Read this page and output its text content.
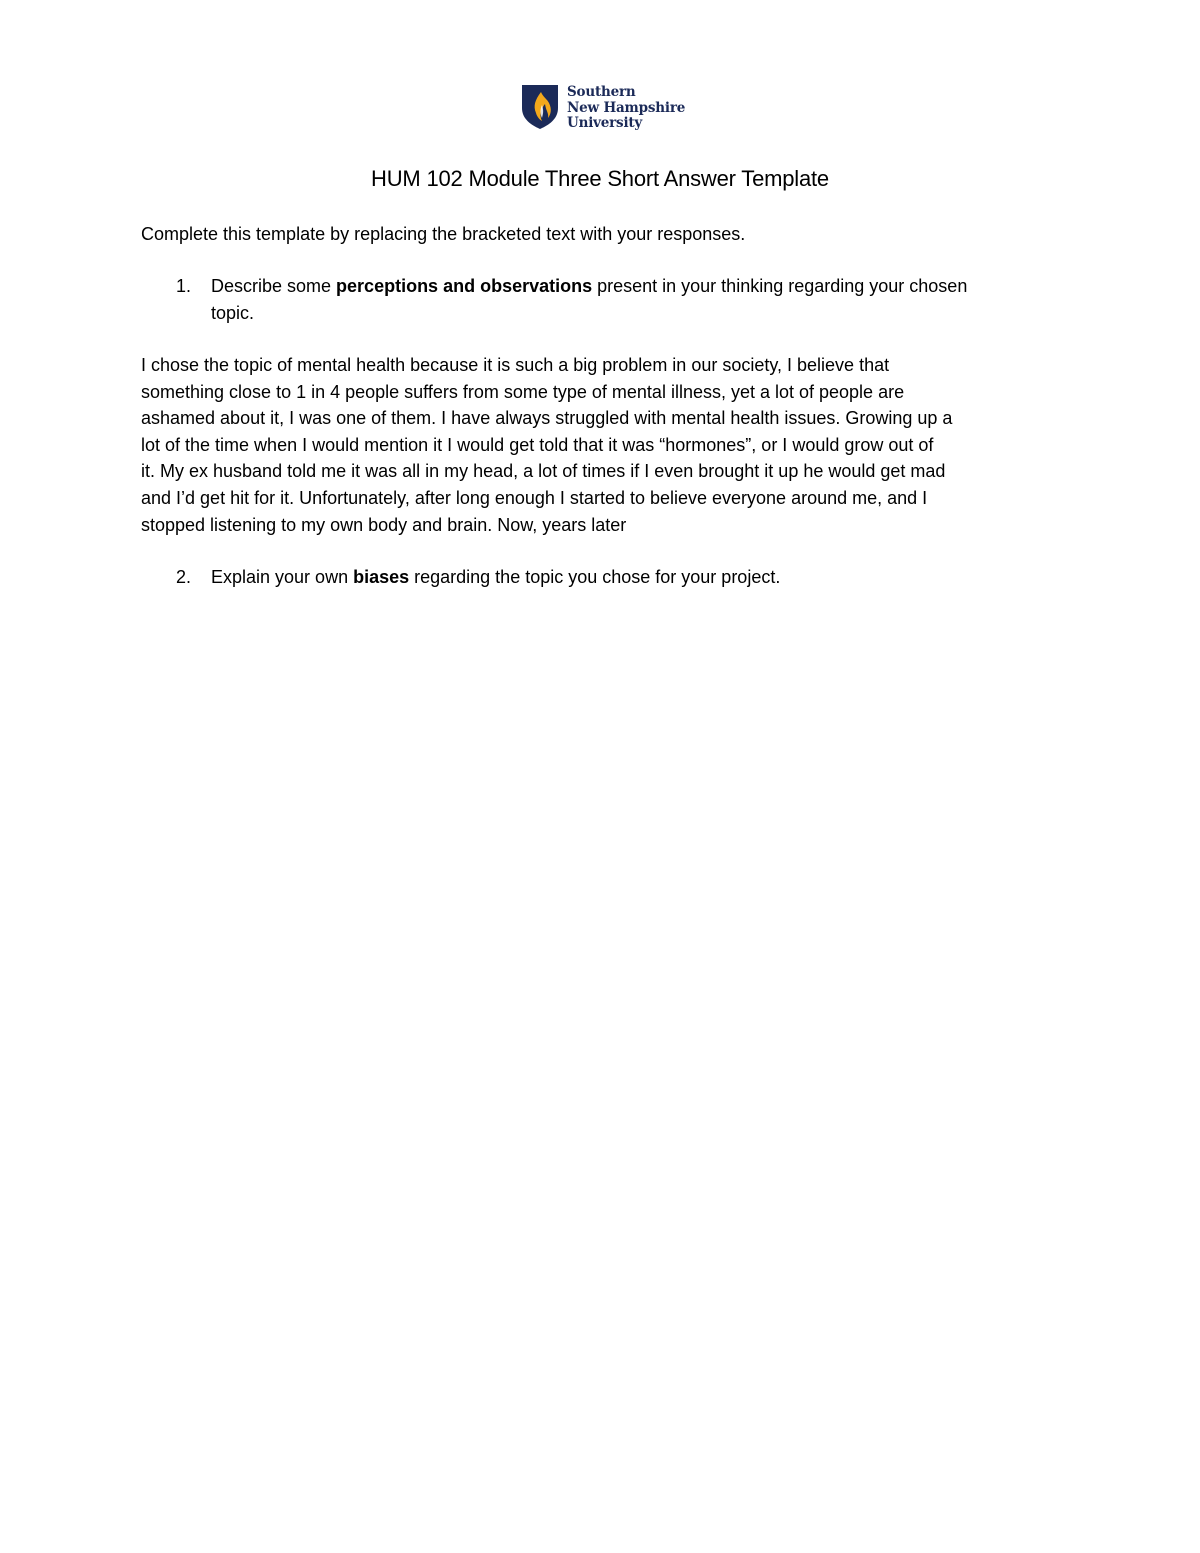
Southern
New Hampshire
University
HUM 102 Module Three Short Answer Template
Complete this template by replacing the bracketed text with your responses.
1. Describe some perceptions and observations present in your thinking regarding your chosen
topic.
I chose the topic of mental health because it is such a big problem in our society, I believe that
something close to 1 in 4 people suffers from some type of mental illness, yet a lot of people are
ashamed about it, I was one of them. I have always struggled with mental health issues. Growing up a
lot of the time when I would mention it I would get told that it was “hormones”, or I would grow out of
it. My ex husband told me it was all in my head, a lot of times if I even brought it up he would get mad
and I’d get hit for it. Unfortunately, after long enough I started to believe everyone around me, and I
stopped listening to my own body and brain. Now, years later
2. Explain your own biases regarding the topic you chose for your project.
